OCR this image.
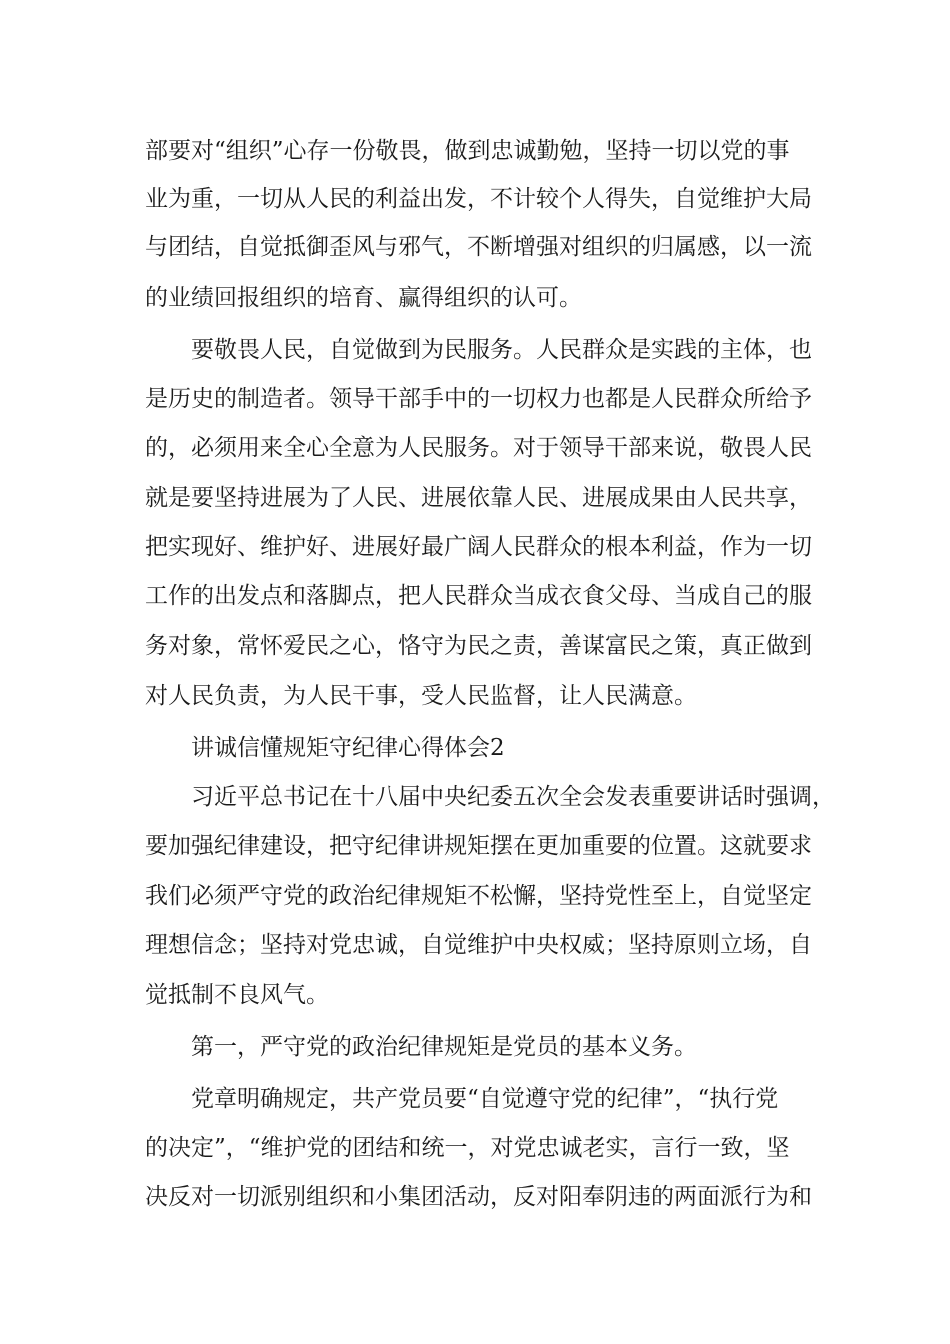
部要对“组织”心存一份敬畏，做到忠诚勤勉，坚持一切以党的事
业为重，一切从人民的利益出发，不计较个人得失，自觉维护大局
与团结，自觉抵御歪风与邪气，不断增强对组织的归属感，以一流
的业绩回报组织的培育、赢得组织的认可。
要敬畏人民，自觉做到为民服务。人民群众是实践的主体，也
是历史的制造者。领导干部手中的一切权力也都是人民群众所给予
的，必须用来全心全意为人民服务。对于领导干部来说，敬畏人民
就是要坚持进展为了人民、进展依靠人民、进展成果由人民共享，
把实现好、维护好、进展好最广阔人民群众的根本利益，作为一切
工作的出发点和落脚点，把人民群众当成衣食父母、当成自己的服
务对象，常怀爱民之心，恪守为民之责，善谋富民之策，真正做到
对人民负责，为人民干事，受人民监督，让人民满意。
讲诚信懂规矩守纪律心得体会2
习近平总书记在十八届中央纪委五次全会发表重要讲话时强调，
要加强纪律建设，把守纪律讲规矩摆在更加重要的位置。这就要求
我们必须严守党的政治纪律规矩不松懈，坚持党性至上，自觉坚定
理想信念；坚持对党忠诚，自觉维护中央权威；坚持原则立场，自
觉抵制不良风气。
第一，严守党的政治纪律规矩是党员的基本义务。
党章明确规定，共产党员要“自觉遵守党的纪律”，“执行党
的决定”，“维护党的团结和统一，对党忠诚老实，言行一致，坚
决反对一切派别组织和小集团活动，反对阳奉阴违的两面派行为和
